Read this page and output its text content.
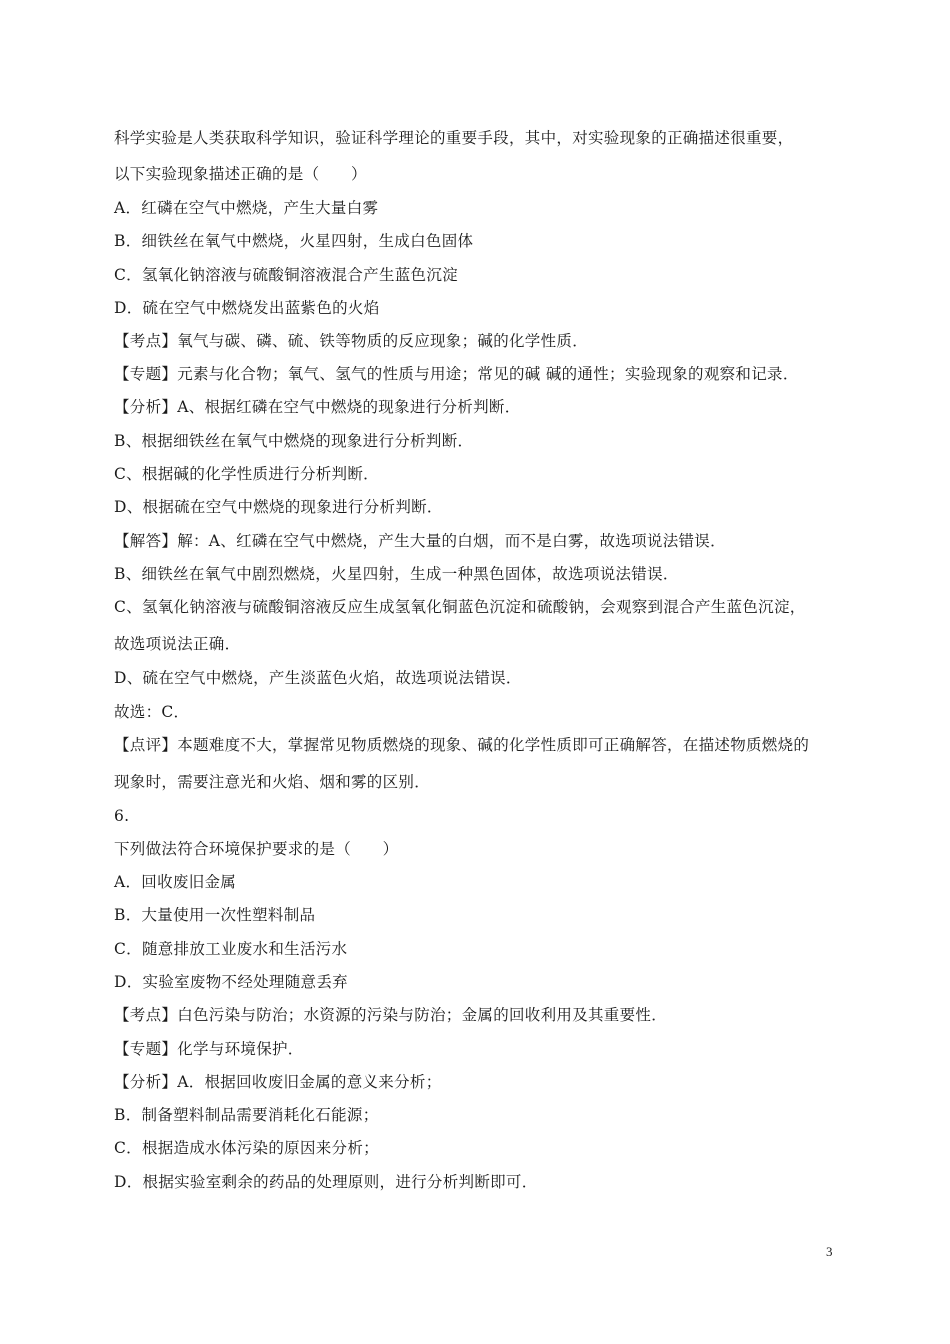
科学实验是人类获取科学知识，验证科学理论的重要手段，其中，对实验现象的正确描述很重要，
以下实验现象描述正确的是（　　）
A．红磷在空气中燃烧，产生大量白雾
B．细铁丝在氧气中燃烧，火星四射，生成白色固体
C．氢氧化钠溶液与硫酸铜溶液混合产生蓝色沉淀
D．硫在空气中燃烧发出蓝紫色的火焰
【考点】氧气与碳、磷、硫、铁等物质的反应现象；碱的化学性质．
【专题】元素与化合物；氧气、氢气的性质与用途；常见的碱 碱的通性；实验现象的观察和记录．
【分析】A、根据红磷在空气中燃烧的现象进行分析判断．
B、根据细铁丝在氧气中燃烧的现象进行分析判断．
C、根据碱的化学性质进行分析判断．
D、根据硫在空气中燃烧的现象进行分析判断．
【解答】解：A、红磷在空气中燃烧，产生大量的白烟，而不是白雾，故选项说法错误．
B、细铁丝在氧气中剧烈燃烧，火星四射，生成一种黑色固体，故选项说法错误．
C、氢氧化钠溶液与硫酸铜溶液反应生成氢氧化铜蓝色沉淀和硫酸钠，会观察到混合产生蓝色沉淀，
故选项说法正确．
D、硫在空气中燃烧，产生淡蓝色火焰，故选项说法错误．
故选：C．
【点评】本题难度不大，掌握常见物质燃烧的现象、碱的化学性质即可正确解答，在描述物质燃烧的
现象时，需要注意光和火焰、烟和雾的区别．
6.
下列做法符合环境保护要求的是（　　）
A．回收废旧金属
B．大量使用一次性塑料制品
C．随意排放工业废水和生活污水
D．实验室废物不经处理随意丢弃
【考点】白色污染与防治；水资源的污染与防治；金属的回收利用及其重要性．
【专题】化学与环境保护．
【分析】A．根据回收废旧金属的意义来分析；
B．制备塑料制品需要消耗化石能源；
C．根据造成水体污染的原因来分析；
D．根据实验室剩余的药品的处理原则，进行分析判断即可．
3
